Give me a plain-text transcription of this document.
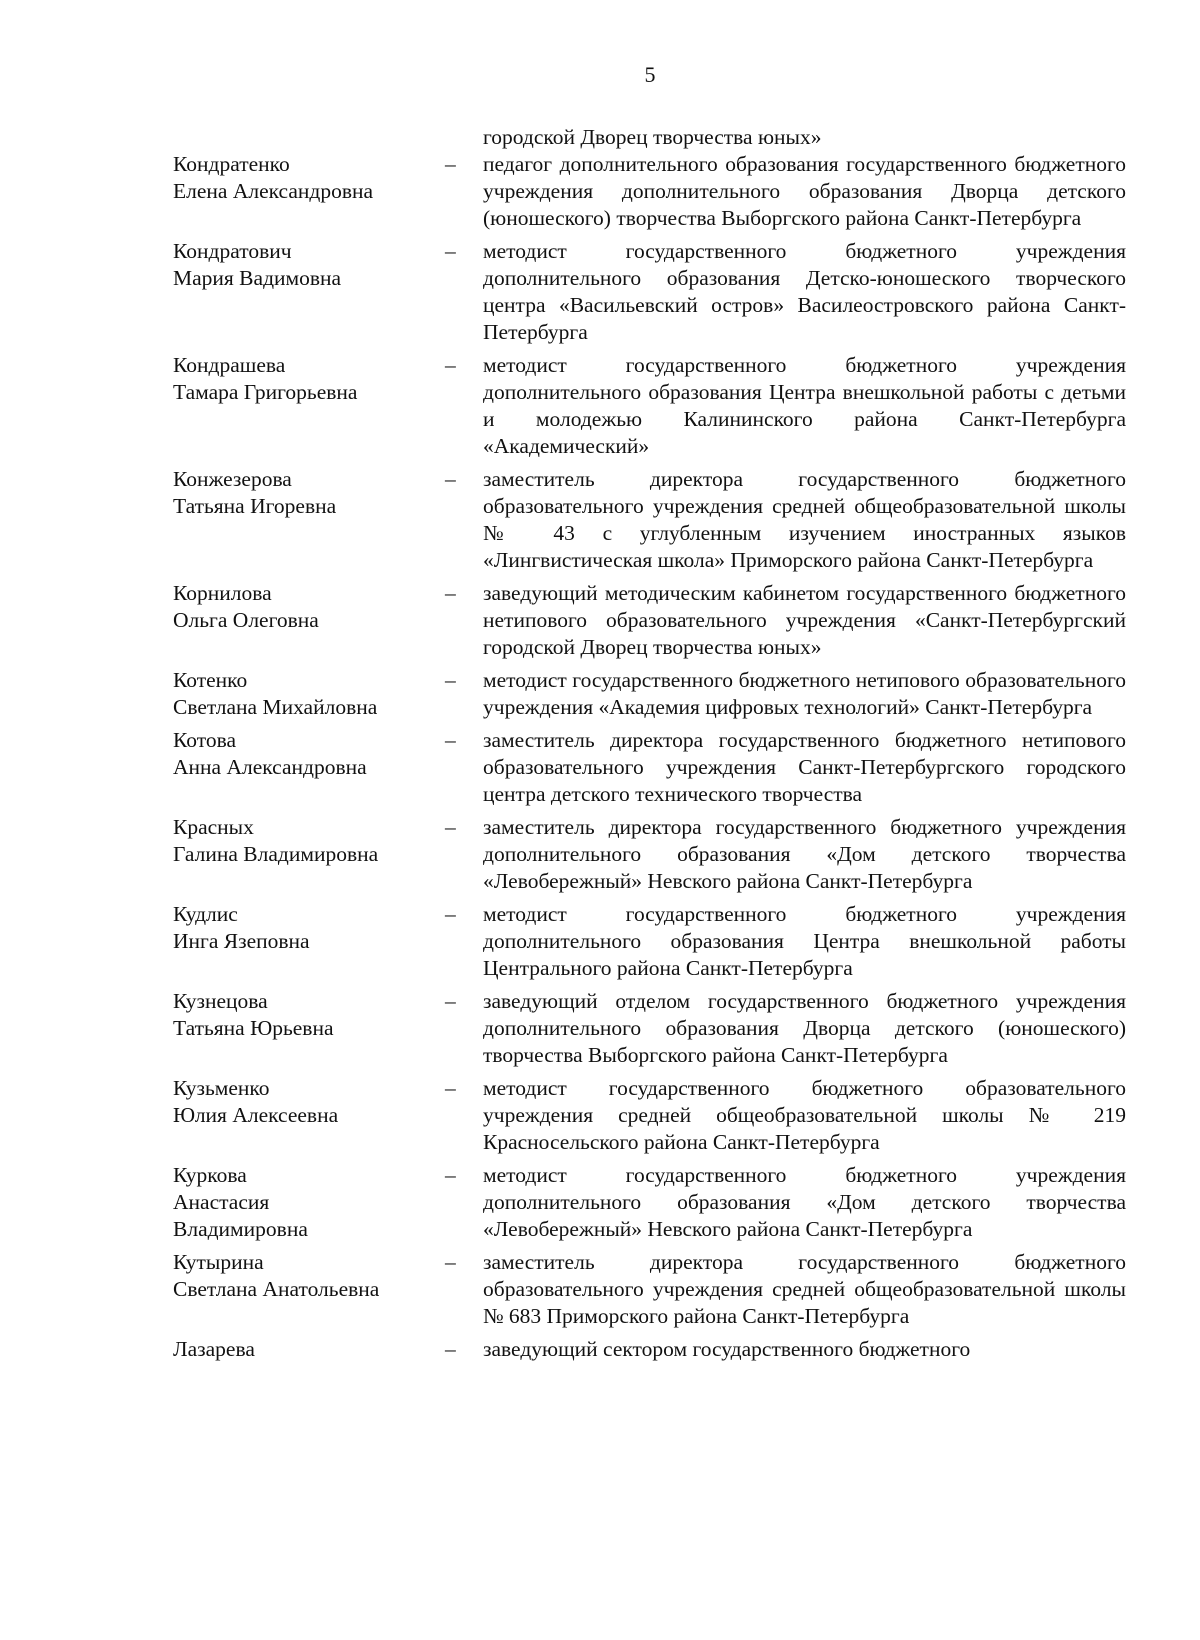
5
городской Дворец творчества юных»
Кондратенко
Елена Александровна
–	педагог дополнительного образования государственного бюджетного учреждения дополнительного образования Дворца детского (юношеского) творчества Выборгского района Санкт-Петербурга
Кондратович
Мария Вадимовна
–	методист государственного бюджетного учреждения дополнительного образования Детско-юношеского творческого центра «Васильевский остров» Василеостровского района Санкт-Петербурга
Кондрашева
Тамара Григорьевна
–	методист государственного бюджетного учреждения дополнительного образования Центра внешкольной работы с детьми и молодежью Калининского района Санкт-Петербурга «Академический»
Конжезерова
Татьяна Игоревна
–	заместитель директора государственного бюджетного образовательного учреждения средней общеобразовательной школы № 43 с углубленным изучением иностранных языков «Лингвистическая школа» Приморского района Санкт-Петербурга
Корнилова
Ольга Олеговна
–	заведующий методическим кабинетом государственного бюджетного нетипового образовательного учреждения «Санкт-Петербургский городской Дворец творчества юных»
Котенко
Светлана Михайловна
–	методист государственного бюджетного нетипового образовательного учреждения «Академия цифровых технологий» Санкт-Петербурга
Котова
Анна Александровна
–	заместитель директора государственного бюджетного нетипового образовательного учреждения Санкт-Петербургского городского центра детского технического творчества
Красных
Галина Владимировна
–	заместитель директора государственного бюджетного учреждения дополнительного образования «Дом детского творчества «Левобережный» Невского района Санкт-Петербурга
Кудлис
Инга Язеповна
–	методист государственного бюджетного учреждения дополнительного образования Центра внешкольной работы Центрального района Санкт-Петербурга
Кузнецова
Татьяна Юрьевна
–	заведующий отделом государственного бюджетного учреждения дополнительного образования Дворца детского (юношеского) творчества Выборгского района Санкт-Петербурга
Кузьменко
Юлия Алексеевна
–	методист государственного бюджетного образовательного учреждения средней общеобразовательной школы № 219 Красносельского района Санкт-Петербурга
Куркова
Анастасия
Владимировна
–	методист государственного бюджетного учреждения дополнительного образования «Дом детского творчества «Левобережный» Невского района Санкт-Петербурга
Кутырина
Светлана Анатольевна
–	заместитель директора государственного бюджетного образовательного учреждения средней общеобразовательной школы № 683 Приморского района Санкт-Петербурга
Лазарева	–	заведующий сектором государственного бюджетного
